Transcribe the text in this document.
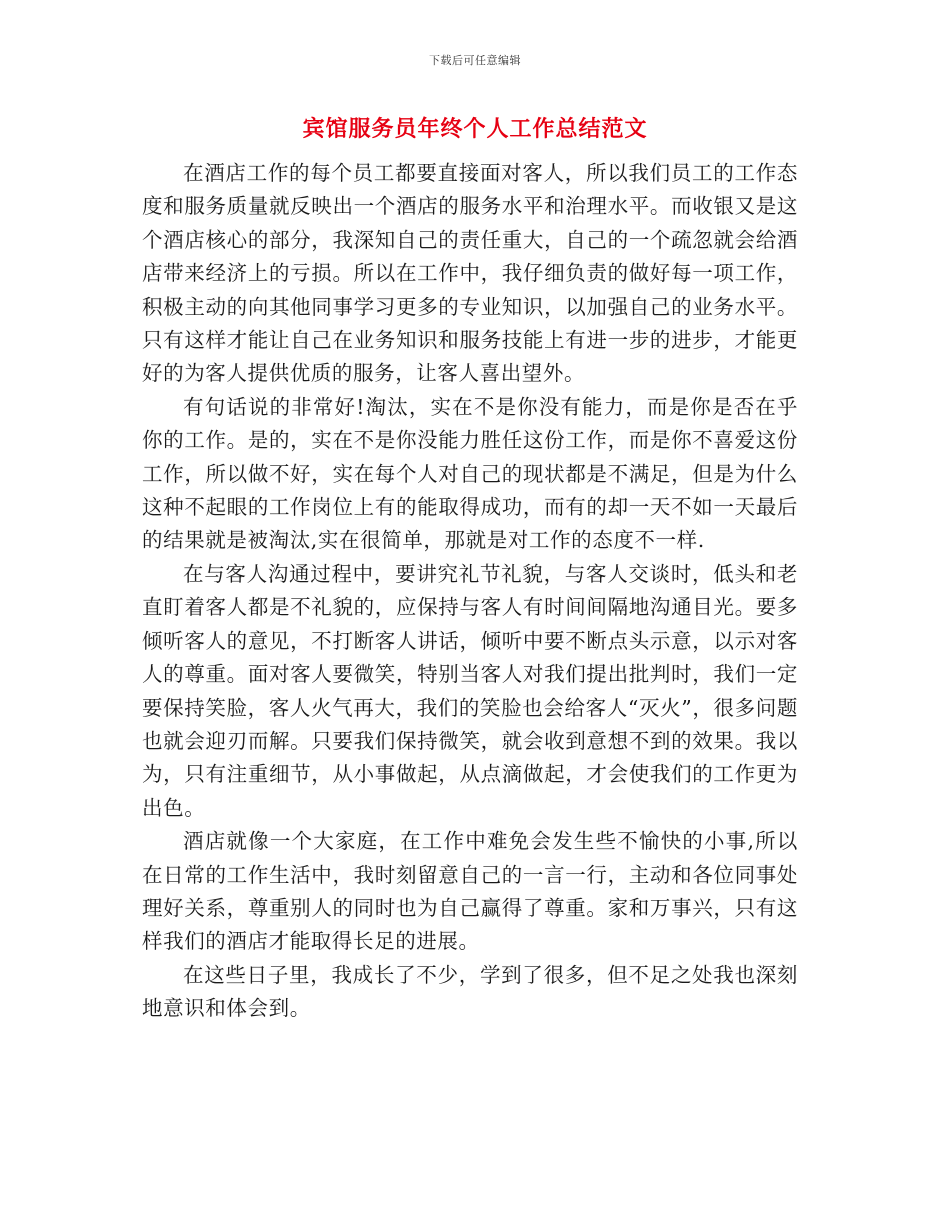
下载后可任意编辑
宾馆服务员年终个人工作总结范文

在酒店工作的每个员工都要直接面对客人，所以我们员工的工作态度和服务质量就反映出一个酒店的服务水平和治理水平。而收银又是这个酒店核心的部分，我深知自己的责任重大，自己的一个疏忽就会给酒店带来经济上的亏损。所以在工作中，我仔细负责的做好每一项工作，积极主动的向其他同事学习更多的专业知识，以加强自己的业务水平。只有这样才能让自己在业务知识和服务技能上有进一步的进步，才能更好的为客人提供优质的服务，让客人喜出望外。

有句话说的非常好!淘汰，实在不是你没有能力，而是你是否在乎你的工作。是的，实在不是你没能力胜任这份工作，而是你不喜爱这份工作，所以做不好，实在每个人对自己的现状都是不满足，但是为什么这种不起眼的工作岗位上有的能取得成功，而有的却一天不如一天最后的结果就是被淘汰,实在很简单，那就是对工作的态度不一样.

在与客人沟通过程中，要讲究礼节礼貌，与客人交谈时，低头和老直盯着客人都是不礼貌的，应保持与客人有时间间隔地沟通目光。要多倾听客人的意见，不打断客人讲话，倾听中要不断点头示意，以示对客人的尊重。面对客人要微笑，特别当客人对我们提出批判时，我们一定要保持笑脸，客人火气再大，我们的笑脸也会给客人“灭火”，很多问题也就会迎刃而解。只要我们保持微笑，就会收到意想不到的效果。我以为，只有注重细节，从小事做起，从点滴做起，才会使我们的工作更为出色。

酒店就像一个大家庭，在工作中难免会发生些不愉快的小事,所以在日常的工作生活中，我时刻留意自己的一言一行，主动和各位同事处理好关系，尊重别人的同时也为自己赢得了尊重。家和万事兴，只有这样我们的酒店才能取得长足的进展。

在这些日子里，我成长了不少，学到了很多，但不足之处我也深刻地意识和体会到。
